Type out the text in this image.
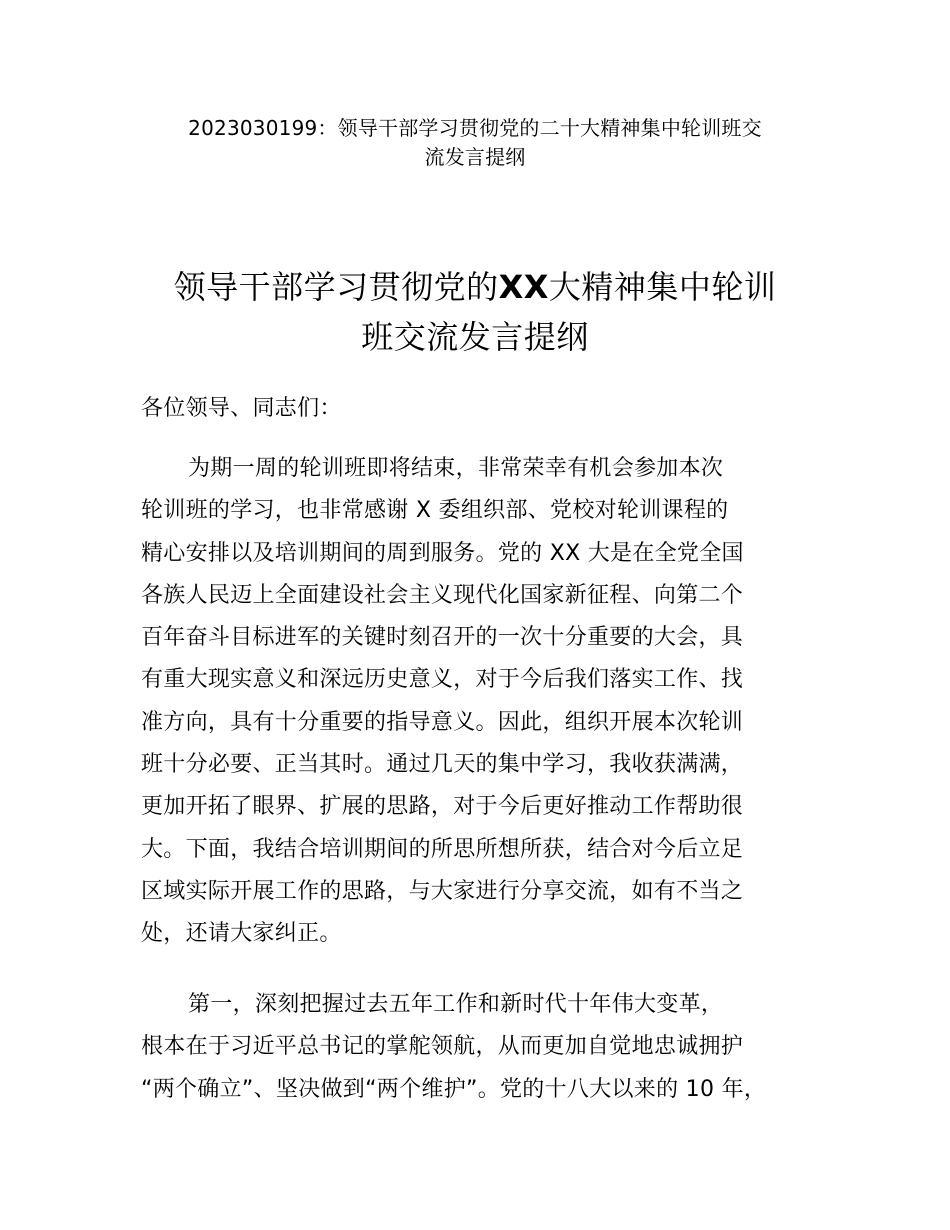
2023030199：领导干部学习贯彻党的二十大精神集中轮训班交
流发言提纲
领导干部学习贯彻党的XX大精神集中轮训
班交流发言提纲
各位领导、同志们：
为期一周的轮训班即将结束，非常荣幸有机会参加本次
轮训班的学习，也非常感谢 X 委组织部、党校对轮训课程的
精心安排以及培训期间的周到服务。党的 XX 大是在全党全国
各族人民迈上全面建设社会主义现代化国家新征程、向第二个
百年奋斗目标进军的关键时刻召开的一次十分重要的大会，具
有重大现实意义和深远历史意义，对于今后我们落实工作、找
准方向，具有十分重要的指导意义。因此，组织开展本次轮训
班十分必要、正当其时。通过几天的集中学习，我收获满满，
更加开拓了眼界、扩展的思路，对于今后更好推动工作帮助很
大。下面，我结合培训期间的所思所想所获，结合对今后立足
区域实际开展工作的思路，与大家进行分享交流，如有不当之
处，还请大家纠正。
第一，深刻把握过去五年工作和新时代十年伟大变革，
根本在于习近平总书记的掌舵领航，从而更加自觉地忠诚拥护
“两个确立”、坚决做到“两个维护”。党的十八大以来的 10 年，
